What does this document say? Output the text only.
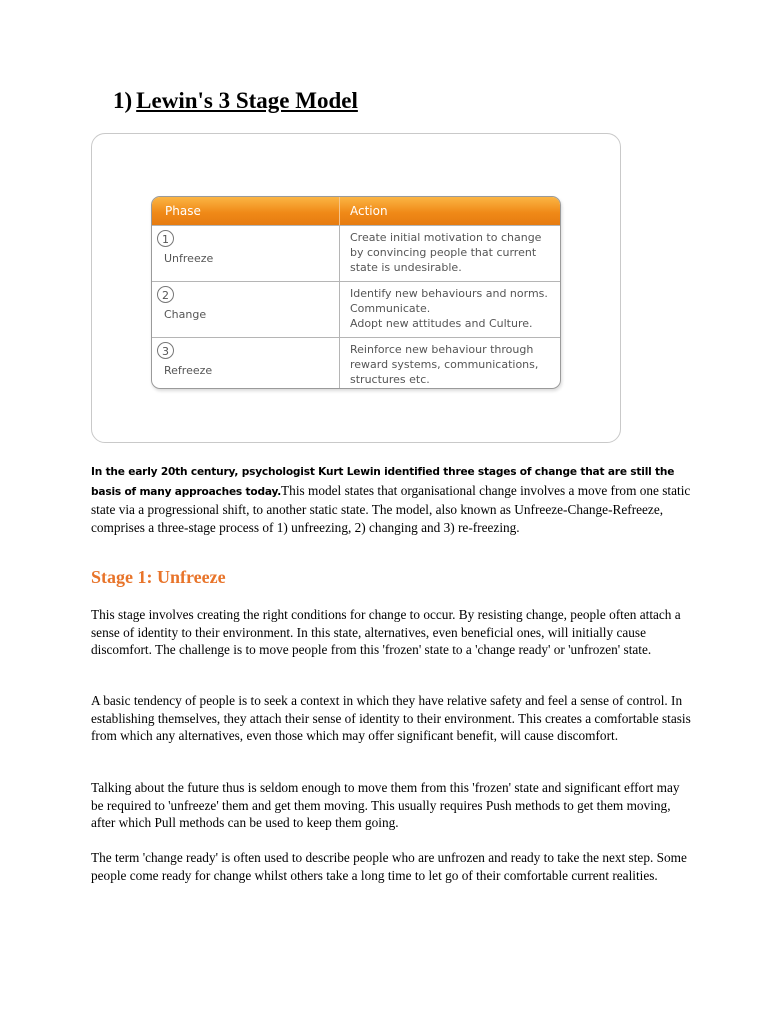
1) Lewin's 3 Stage Model
Phase	Action
1
Unfreeze
Create initial motivation to change
by convincing people that current
state is undesirable.
2
Change
Identify new behaviours and norms.
Communicate.
Adopt new attitudes and Culture.
3
Refreeze
Reinforce new behaviour through
reward systems, communications,
structures etc.

In the early 20th century, psychologist Kurt Lewin identified three stages of change that are still the basis of many approaches today.This model states that organisational change involves a move from one static state via a progressional shift, to another static state. The model, also known as Unfreeze-Change-Refreeze, comprises a three-stage process of 1) unfreezing, 2) changing and 3) re-freezing.

Stage 1: Unfreeze

This stage involves creating the right conditions for change to occur. By resisting change, people often attach a sense of identity to their environment. In this state, alternatives, even beneficial ones, will initially cause discomfort. The challenge is to move people from this 'frozen' state to a 'change ready' or 'unfrozen' state.

A basic tendency of people is to seek a context in which they have relative safety and feel a sense of control. In establishing themselves, they attach their sense of identity to their environment. This creates a comfortable stasis from which any alternatives, even those which may offer significant benefit, will cause discomfort.

Talking about the future thus is seldom enough to move them from this 'frozen' state and significant effort may be required to 'unfreeze' them and get them moving. This usually requires Push methods to get them moving, after which Pull methods can be used to keep them going.

The term 'change ready' is often used to describe people who are unfrozen and ready to take the next step. Some people come ready for change whilst others take a long time to let go of their comfortable current realities.
